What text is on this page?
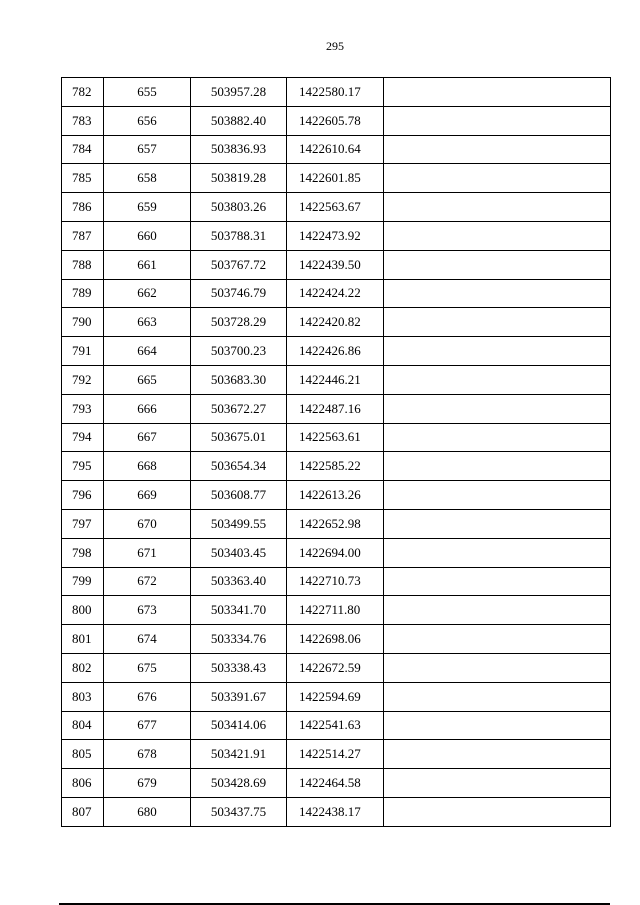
295
782	655	503957.28	1422580.17	
783	656	503882.40	1422605.78	
784	657	503836.93	1422610.64	
785	658	503819.28	1422601.85	
786	659	503803.26	1422563.67	
787	660	503788.31	1422473.92	
788	661	503767.72	1422439.50	
789	662	503746.79	1422424.22	
790	663	503728.29	1422420.82	
791	664	503700.23	1422426.86	
792	665	503683.30	1422446.21	
793	666	503672.27	1422487.16	
794	667	503675.01	1422563.61	
795	668	503654.34	1422585.22	
796	669	503608.77	1422613.26	
797	670	503499.55	1422652.98	
798	671	503403.45	1422694.00	
799	672	503363.40	1422710.73	
800	673	503341.70	1422711.80	
801	674	503334.76	1422698.06	
802	675	503338.43	1422672.59	
803	676	503391.67	1422594.69	
804	677	503414.06	1422541.63	
805	678	503421.91	1422514.27	
806	679	503428.69	1422464.58	
807	680	503437.75	1422438.17	
